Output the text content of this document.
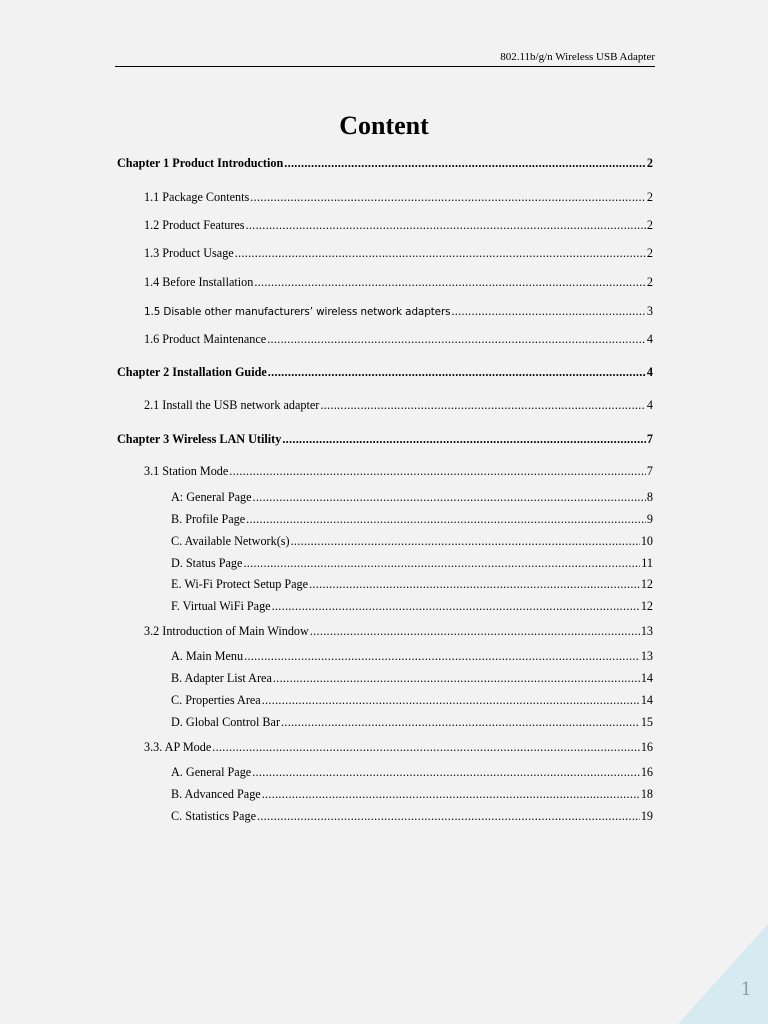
802.11b/g/n Wireless USB Adapter
Content
Chapter 1 Product Introduction .....	2
1.1 Package Contents .....	2
1.2 Product Features .....	2
1.3 Product Usage .....	2
1.4 Before Installation .....	2
1.5 Disable other manufacturers’ wireless network adapters .....	3
1.6 Product Maintenance .....	4
Chapter 2 Installation Guide .....	4
2.1 Install the USB network adapter .....	4
Chapter 3 Wireless LAN Utility .....	7
3.1 Station Mode .....	7
A: General Page .....	8
B. Profile Page .....	9
C. Available Network(s) .....	10
D. Status Page .....	11
E. Wi-Fi Protect Setup Page .....	12
F. Virtual WiFi Page .....	12
3.2 Introduction of Main Window .....	13
A. Main Menu .....	13
B. Adapter List Area .....	14
C. Properties Area .....	14
D. Global Control Bar .....	15
3.3. AP Mode .....	16
A. General Page .....	16
B. Advanced Page .....	18
C. Statistics Page .....	19
1
